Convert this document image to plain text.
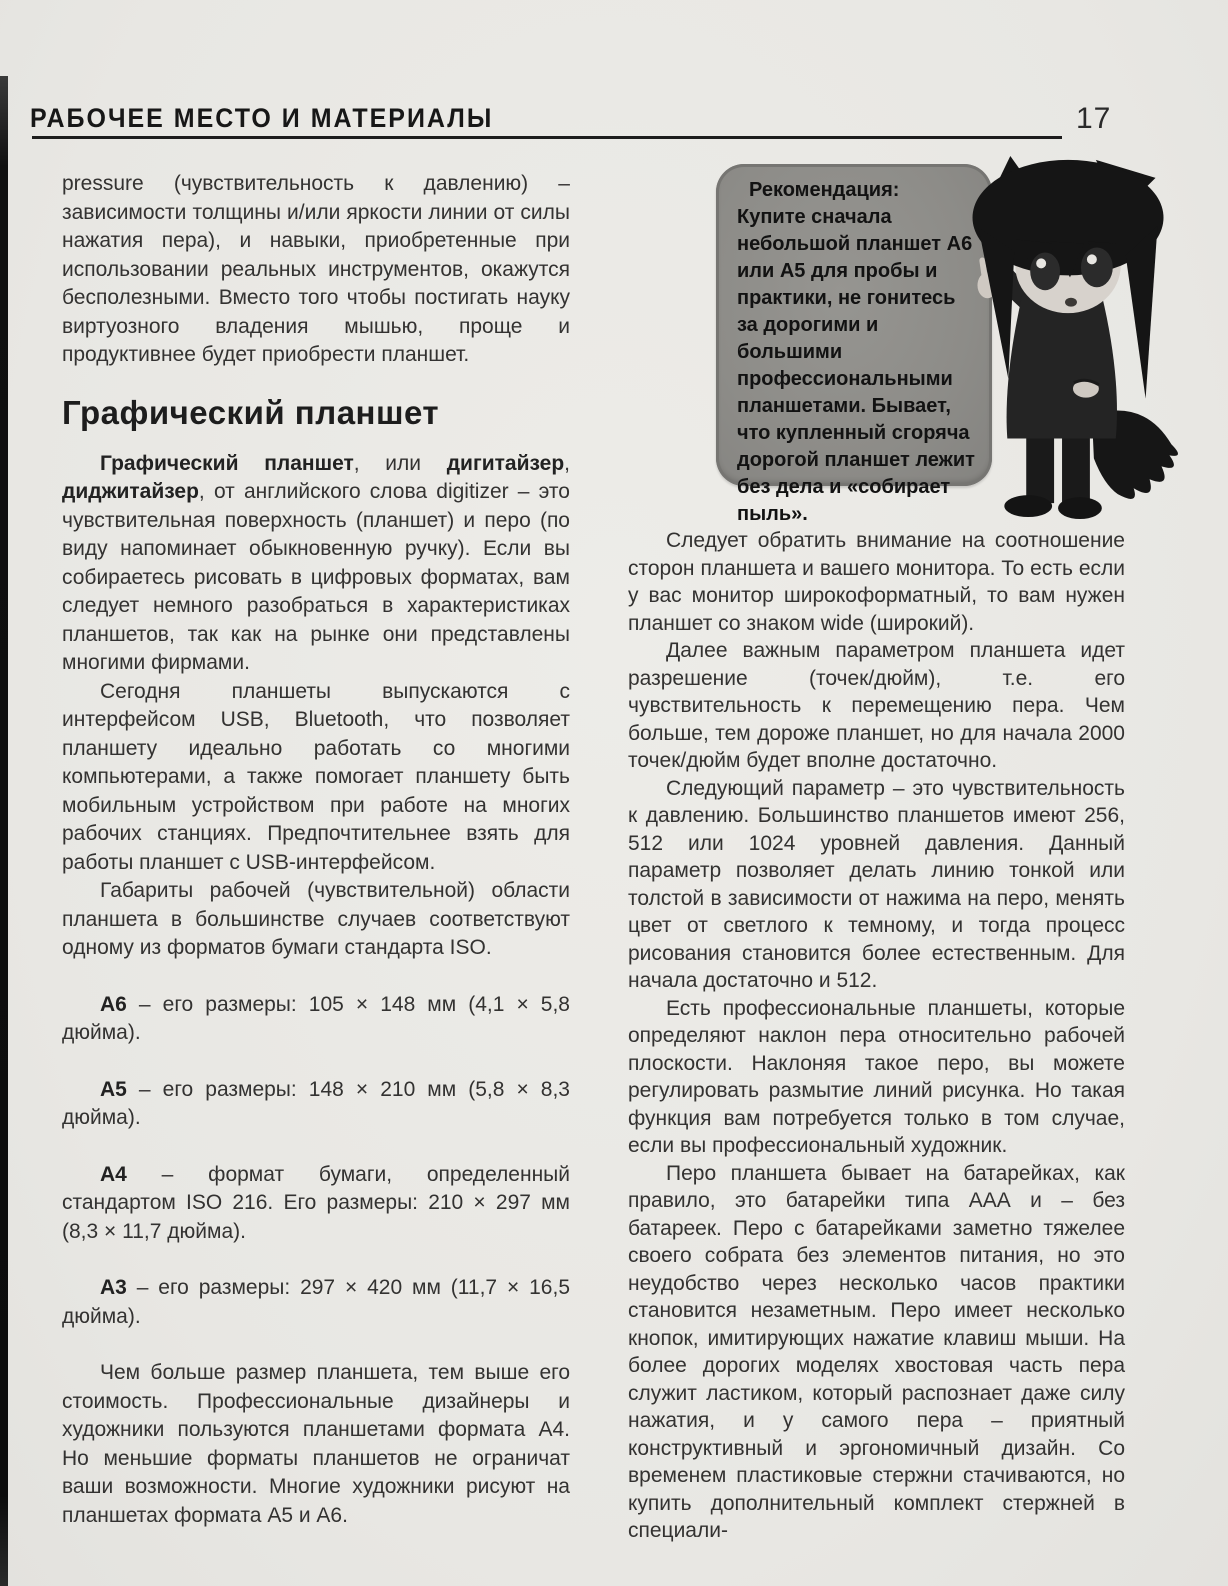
РАБОЧЕЕ МЕСТО И МАТЕРИАЛЫ	17

pressure (чувствительность к давлению) – зависимости толщины и/или яркости линии от силы нажатия пера), и навыки, приобретенные при использовании реальных инструментов, окажутся бесполезными. Вместо того чтобы постигать науку виртуозного владения мышью, проще и продуктивнее будет приобрести планшет.

Графический планшет

Графический планшет, или дигитайзер, диджитайзер, от английского слова digitizer – это чувствительная поверхность (планшет) и перо (по виду напоминает обыкновенную ручку). Если вы собираетесь рисовать в цифровых форматах, вам следует немного разобраться в характеристиках планшетов, так как на рынке они представлены многими фирмами.

Сегодня планшеты выпускаются с интерфейсом USB, Bluetooth, что позволяет планшету идеально работать со многими компьютерами, а также помогает планшету быть мобильным устройством при работе на многих рабочих станциях. Предпочтительнее взять для работы планшет с USB-интерфейсом.

Габариты рабочей (чувствительной) области планшета в большинстве случаев соответствуют одному из форматов бумаги стандарта ISO.

А6 – его размеры: 105 × 148 мм (4,1 × 5,8 дюйма).

А5 – его размеры: 148 × 210 мм (5,8 × 8,3 дюйма).

А4 – формат бумаги, определенный стандартом ISO 216. Его размеры: 210 × 297 мм (8,3 × 11,7 дюйма).

А3 – его размеры: 297 × 420 мм (11,7 × 16,5 дюйма).

Чем больше размер планшета, тем выше его стоимость. Профессиональные дизайнеры и художники пользуются планшетами формата А4. Но меньшие форматы планшетов не ограничат ваши возможности. Многие художники рисуют на планшетах формата А5 и А6.

Рекомендация:
Купите сначала небольшой планшет А6 или А5 для пробы и практики, не гонитесь за дорогими и большими профессиональными планшетами. Бывает, что купленный сгоряча дорогой планшет лежит без дела и «собирает пыль».

Следует обратить внимание на соотношение сторон планшета и вашего монитора. То есть если у вас монитор широкоформатный, то вам нужен планшет со знаком wide (широкий).

Далее важным параметром планшета идет разрешение (точек/дюйм), т.е. его чувствительность к перемещению пера. Чем больше, тем дороже планшет, но для начала 2000 точек/дюйм будет вполне достаточно.

Следующий параметр – это чувствительность к давлению. Большинство планшетов имеют 256, 512 или 1024 уровней давления. Данный параметр позволяет делать линию тонкой или толстой в зависимости от нажима на перо, менять цвет от светлого к темному, и тогда процесс рисования становится более естественным. Для начала достаточно и 512.

Есть профессиональные планшеты, которые определяют наклон пера относительно рабочей плоскости. Наклоняя такое перо, вы можете регулировать размытие линий рисунка. Но такая функция вам потребуется только в том случае, если вы профессиональный художник.

Перо планшета бывает на батарейках, как правило, это батарейки типа ААА и – без батареек. Перо с батарейками заметно тяжелее своего собрата без элементов питания, но это неудобство через несколько часов практики становится незаметным. Перо имеет несколько кнопок, имитирующих нажатие клавиш мыши. На более дорогих моделях хвостовая часть пера служит ластиком, который распознает даже силу нажатия, и у самого пера – приятный конструктивный и эргономичный дизайн. Со временем пластиковые стержни стачиваются, но купить дополнительный комплект стержней в специали-
